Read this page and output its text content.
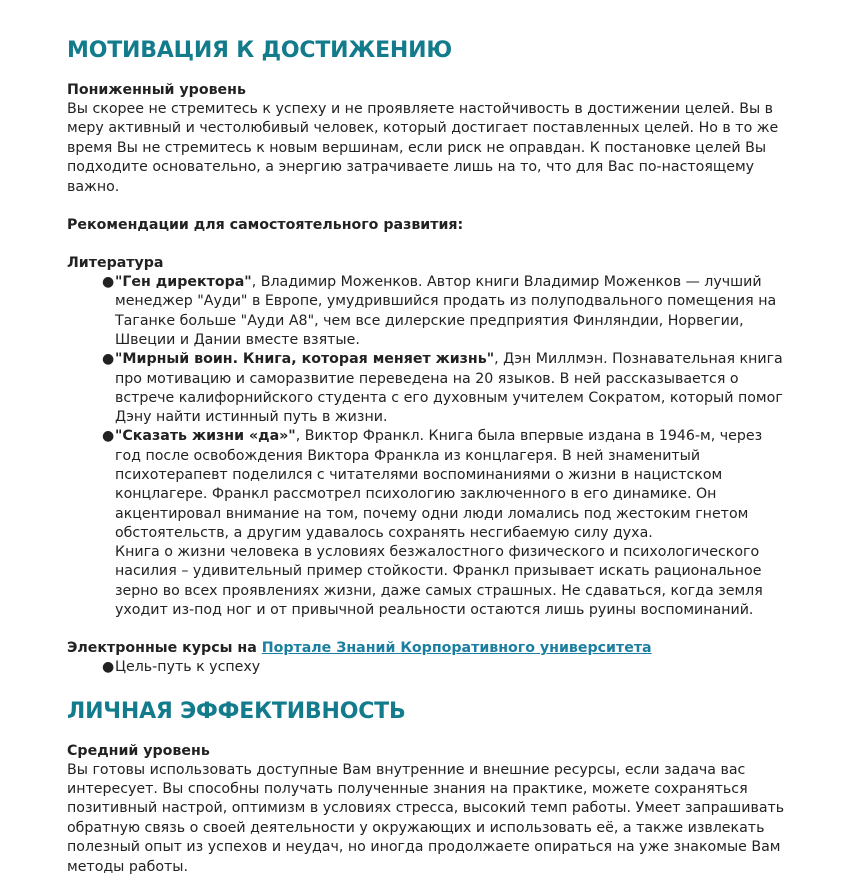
МОТИВАЦИЯ К ДОСТИЖЕНИЮ
Пониженный уровень

Вы скорее не стремитесь к успеху и не проявляете настойчивость в достижении целей. Вы в меру активный и честолюбивый человек, который достигает поставленных целей. Но в то же время Вы не стремитесь к новым вершинам, если риск не оправдан. К постановке целей Вы подходите основательно, а энергию затрачиваете лишь на то, что для Вас по-настоящему важно.

Рекомендации для самостоятельного развития:
Литература
● "Ген директора", Владимир Моженков. Автор книги Владимир Моженков — лучший менеджер "Ауди" в Европе, умудрившийся продать из полуподвального помещения на Таганке больше "Ауди А8", чем все дилерские предприятия Финляндии, Норвегии, Швеции и Дании вместе взятые.
● "Мирный воин. Книга, которая меняет жизнь", Дэн Миллмэн. Познавательная книга про мотивацию и саморазвитие переведена на 20 языков. В ней рассказывается о встрече калифорнийского студента с его духовным учителем Сократом, который помог Дэну найти истинный путь в жизни.
● "Сказать жизни «да»", Виктор Франкл. Книга была впервые издана в 1946-м, через год после освобождения Виктора Франкла из концлагеря. В ней знаменитый психотерапевт поделился с читателями воспоминаниями о жизни в нацистском концлагере. Франкл рассмотрел психологию заключенного в его динамике. Он акцентировал внимание на том, почему одни люди ломались под жестоким гнетом обстоятельств, а другим удавалось сохранять несгибаемую силу духа.
Книга о жизни человека в условиях безжалостного физического и психологического насилия – удивительный пример стойкости. Франкл призывает искать рациональное зерно во всех проявлениях жизни, даже самых страшных. Не сдаваться, когда земля уходит из-под ног и от привычной реальности остаются лишь руины воспоминаний.
Электронные курсы на Порталe Знаний Корпоративного университета
● Цель-путь к успеху
ЛИЧНАЯ ЭФФЕКТИВНОСТЬ
Средний уровень

Вы готовы использовать доступные Вам внутренние и внешние ресурсы, если задача вас интересует. Вы способны получать полученные знания на практике, можете сохраняться позитивный настрой, оптимизм в условиях стресса, высокий темп работы. Умеет запрашивать обратную связь о своей деятельности у окружающих и использовать её, а также извлекать полезный опыт из успехов и неудач, но иногда продолжаете опираться на уже знакомые Вам методы работы.
